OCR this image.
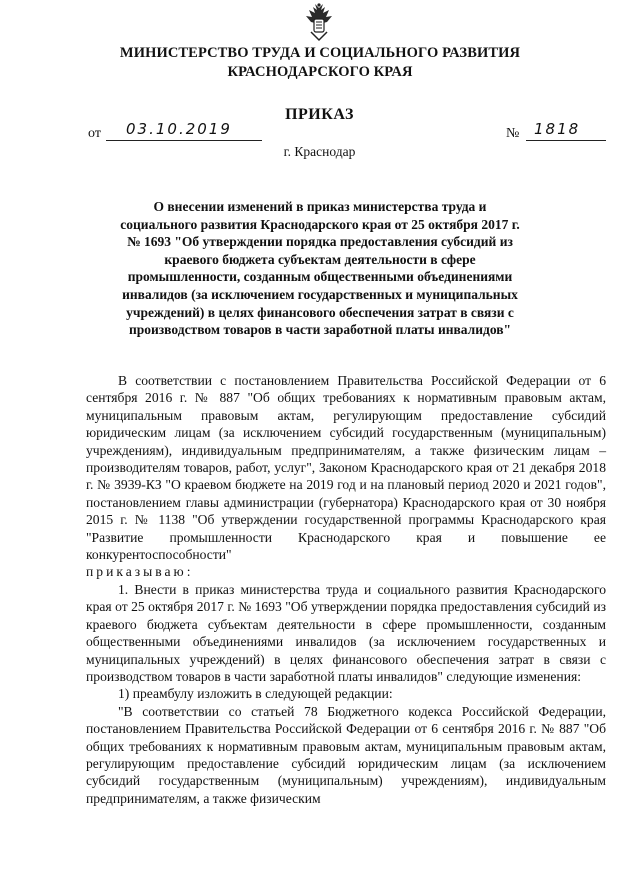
МИНИСТЕРСТВО ТРУДА И СОЦИАЛЬНОГО РАЗВИТИЯ
КРАСНОДАРСКОГО КРАЯ
ПРИКАЗ
от 03.10.2019	№ 1818
г. Краснодар
О внесении изменений в приказ министерства труда и социального развития Краснодарского края от 25 октября 2017 г. № 1693 "Об утверждении порядка предоставления субсидий из краевого бюджета субъектам деятельности в сфере промышленности, созданным общественными объединениями инвалидов (за исключением государственных и муниципальных учреждений) в целях финансового обеспечения затрат в связи с производством товаров в части заработной платы инвалидов"

В соответствии с постановлением Правительства Российской Федерации от 6 сентября 2016 г. № 887 "Об общих требованиях к нормативным правовым актам, муниципальным правовым актам, регулирующим предоставление субсидий юридическим лицам (за исключением субсидий государственным (муниципальным) учреждениям), индивидуальным предпринимателям, а также физическим лицам – производителям товаров, работ, услуг", Законом Краснодарского края от 21 декабря 2018 г. № 3939-КЗ "О краевом бюджете на 2019 год и на плановый период 2020 и 2021 годов", постановлением главы администрации (губернатора) Краснодарского края от 30 ноября 2015 г. № 1138 "Об утверждении государственной программы Краснодарского края "Развитие промышленности Краснодарского края и повышение ее конкурентоспособности"
приказываю:

1. Внести в приказ министерства труда и социального развития Краснодарского края от 25 октября 2017 г. № 1693 "Об утверждении порядка предоставления субсидий из краевого бюджета субъектам деятельности в сфере промышленности, созданным общественными объединениями инвалидов (за исключением государственных и муниципальных учреждений) в целях финансового обеспечения затрат в связи с производством товаров в части заработной платы инвалидов" следующие изменения:

1) преамбулу изложить в следующей редакции:

"В соответствии со статьей 78 Бюджетного кодекса Российской Федерации, постановлением Правительства Российской Федерации от 6 сентября 2016 г. № 887 "Об общих требованиях к нормативным правовым актам, муниципальным правовым актам, регулирующим предоставление субсидий юридическим лицам (за исключением субсидий государственным (муниципальным) учреждениям), индивидуальным предпринимателям, а также физическим
